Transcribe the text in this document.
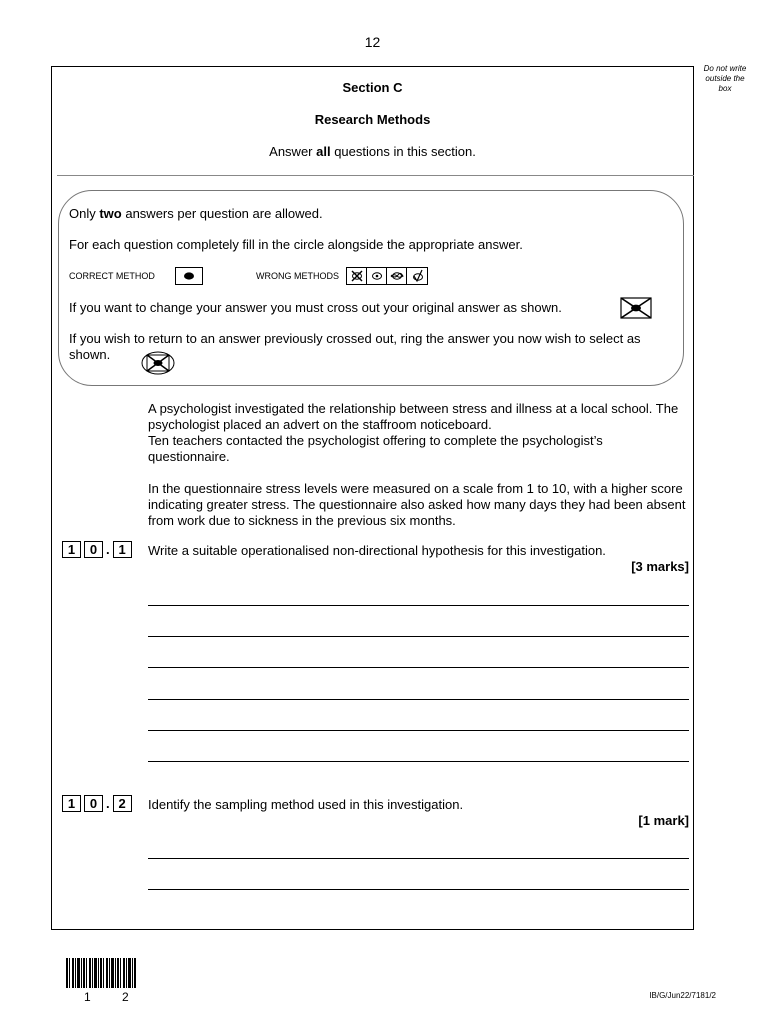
12
Do not write outside the box
Section C
Research Methods
Answer all questions in this section.
Only two answers per question are allowed.
For each question completely fill in the circle alongside the appropriate answer.
CORRECT METHOD	WRONG METHODS
If you want to change your answer you must cross out your original answer as shown.
If you wish to return to an answer previously crossed out, ring the answer you now wish to select as shown.

A psychologist investigated the relationship between stress and illness at a local school. The psychologist placed an advert on the staffroom noticeboard.

Ten teachers contacted the psychologist offering to complete the psychologist’s questionnaire.

In the questionnaire stress levels were measured on a scale from 1 to 10, with a higher score indicating greater stress. The questionnaire also asked how many days they had been absent from work due to sickness in the previous six months.

1	0 . 1	Write a suitable operationalised non-directional hypothesis for this investigation.
[3 marks]
1	0 . 2	Identify the sampling method used in this investigation.
[1 mark]
1 2	IB/G/Jun22/7181/2
